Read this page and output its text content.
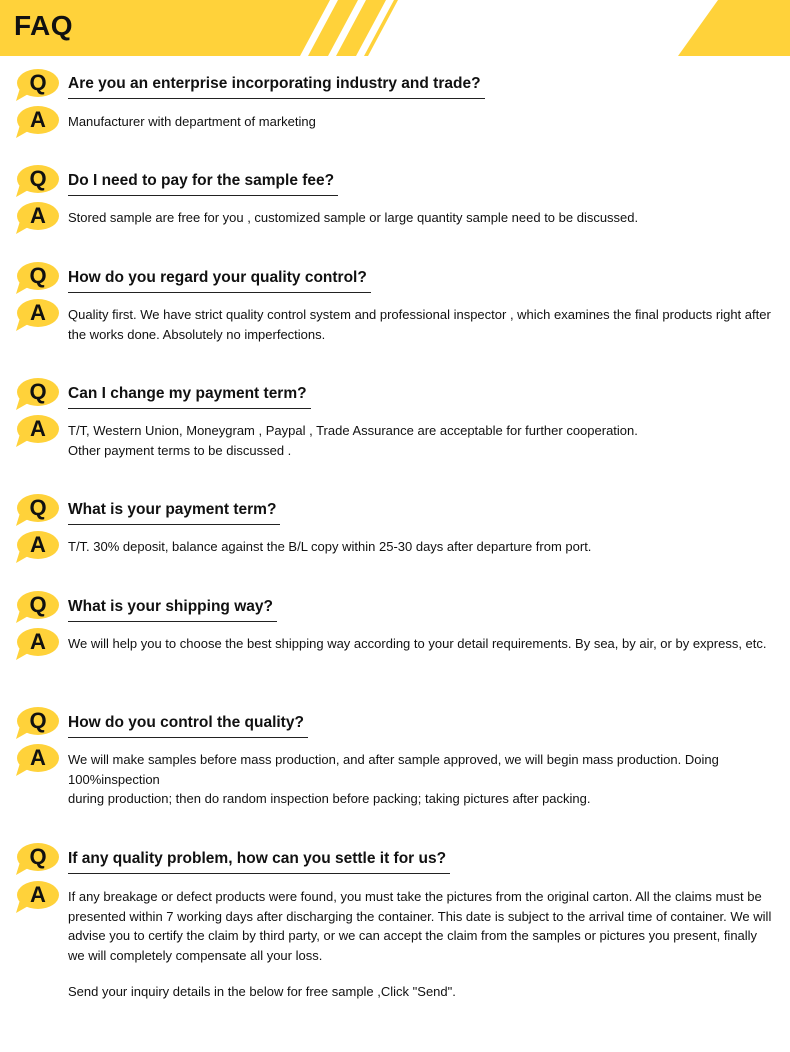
FAQ
Q	Are you an enterprise incorporating industry and trade?
A	Manufacturer with department of marketing

Q	Do I need to pay for the sample fee?
A	Stored sample are free for you , customized sample or large quantity sample need to be discussed.

Q	How do you regard your quality control?
A	Quality first. We have strict quality control system and professional inspector , which examines the final products right after the works done. Absolutely no imperfections.

Q	Can I change my payment term?
A	T/T, Western Union, Moneygram , Paypal , Trade Assurance are acceptable for further cooperation.

Other payment terms to be discussed .

Q	What is your payment term?
A	T/T. 30% deposit, balance against the B/L copy within 25-30 days after departure from port.

Q	What is your shipping way?
A	We will help you to choose the best shipping way according to your detail requirements. By sea, by air, or by express, etc.

Q	How do you control the quality?
A	We will make samples before mass production, and after sample approved, we will begin mass production. Doing 100%inspection

during production; then do random inspection before packing; taking pictures after packing.

Q	If any quality problem, how can you settle it for us?
A	If any breakage or defect products were found, you must take the pictures from the original carton. All the claims must be presented within 7 working days after discharging the container. This date is subject to the arrival time of container. We will advise you to certify the claim by third party, or we can accept the claim from the samples or pictures you present, finally we will completely compensate all your loss.

Send your inquiry details in the below for free sample ,Click "Send".
